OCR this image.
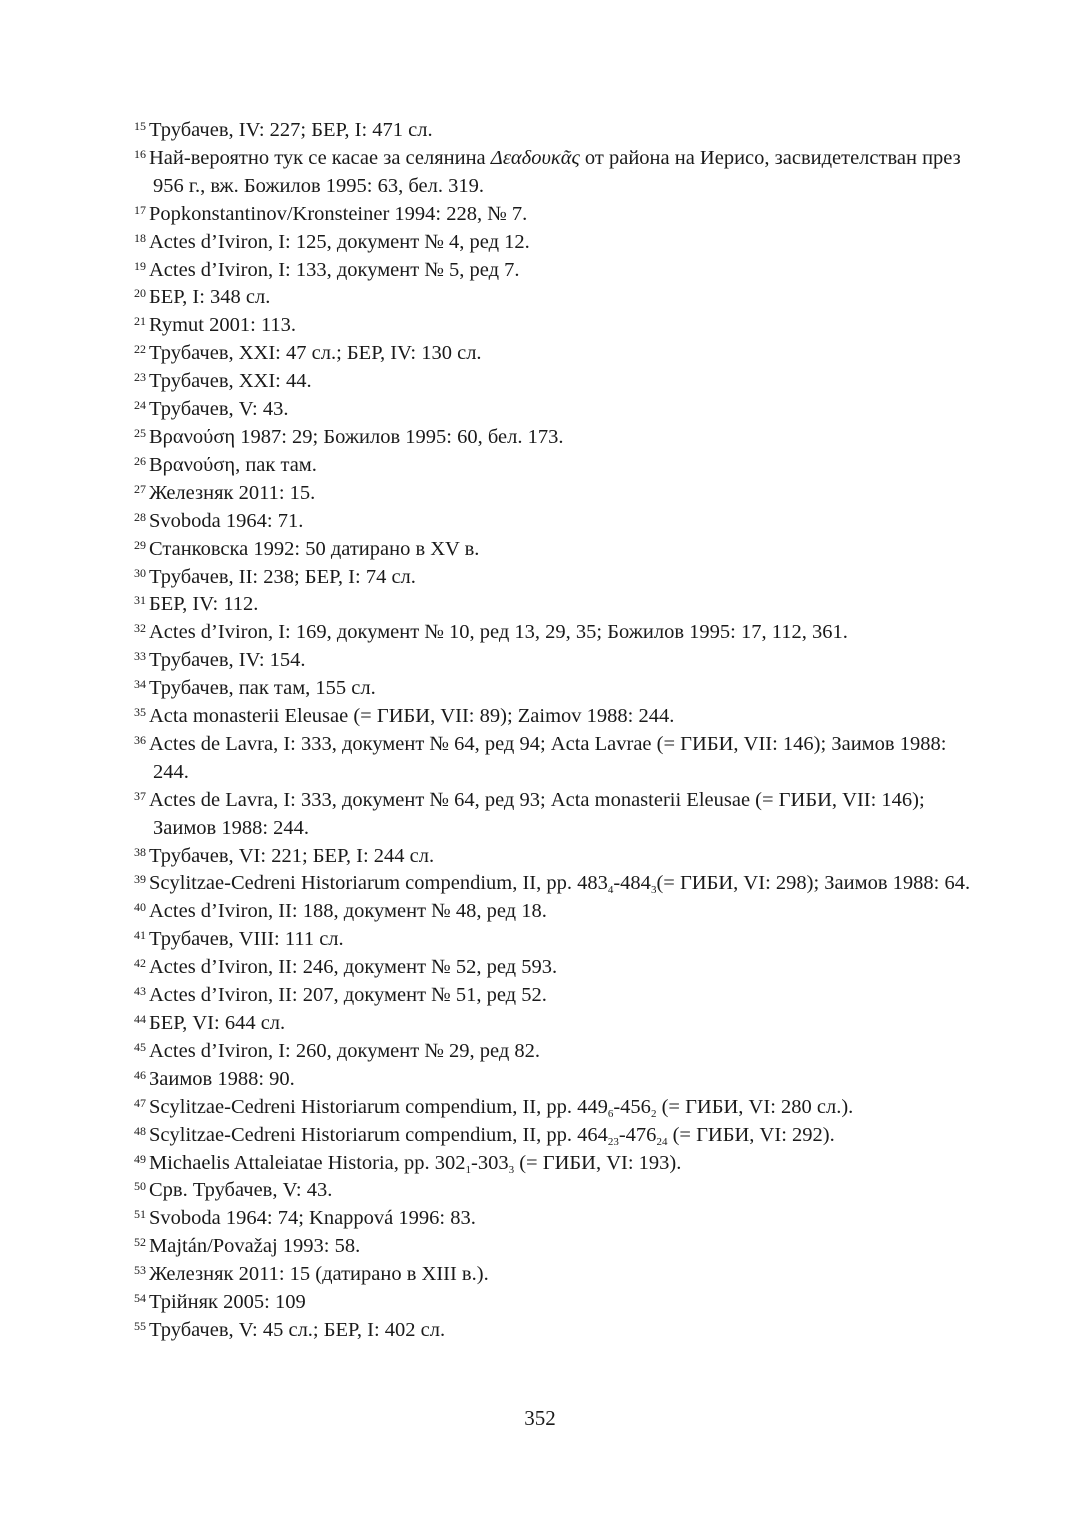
$^{15}$ Трубачев, IV: 227; БЕР, I: 471 сл.
$^{16}$ Най-вероятно тук се касае за селянина Δεαδουκᾶς от района на Иерисо, засвидетелстван през 956 г., вж. Божилов 1995: 63, бел. 319.
$^{17}$ Popkonstantinov/Kronsteiner 1994: 228, № 7.
$^{18}$ Actes d’Iviron, I: 125, документ № 4, ред 12.
$^{19}$ Actes d’Iviron, I: 133, документ № 5, ред 7.
$^{20}$ БЕР, I: 348 сл.
$^{21}$ Rymut 2001: 113.
$^{22}$ Трубачев, XXI: 47 сл.; БЕР, IV: 130 сл.
$^{23}$ Трубачев, XXI: 44.
$^{24}$ Трубачев, V: 43.
$^{25}$ Βρανούση 1987: 29; Божилов 1995: 60, бел. 173.
$^{26}$ Βρανούση, пак там.
$^{27}$ Железняк 2011: 15.
$^{28}$ Svoboda 1964: 71.
$^{29}$ Станковска 1992: 50 датирано в XV в.
$^{30}$ Трубачев, II: 238; БЕР, I: 74 сл.
$^{31}$ БЕР, IV: 112.
$^{32}$ Actes d’Iviron, I: 169, документ № 10, ред 13, 29, 35; Божилов 1995: 17, 112, 361.
$^{33}$ Трубачев, IV: 154.
$^{34}$ Трубачев, пак там, 155 сл.
$^{35}$ Acta monasterii Eleusae (= ГИБИ, VII: 89); Zaimov 1988: 244.
$^{36}$ Actes de Lavra, I: 333, документ № 64, ред 94; Acta Lavrae (= ГИБИ, VII: 146); Заимов 1988: 244.
$^{37}$ Actes de Lavra, I: 333, документ № 64, ред 93; Acta monasterii Eleusae (= ГИБИ, VII: 146); Заимов 1988: 244.
$^{38}$ Трубачев, VI: 221; БЕР, I: 244 сл.
$^{39}$ Scylitzae-Cedreni Historiarum compendium, II, pp. $483_4-484_3(=$ ГИБИ, VI: 298); Заимов 1988: 64.
$^{40}$ Actes d’Iviron, II: 188, документ № 48, ред 18.
$^{41}$ Трубачев, VIII: 111 сл.
$^{42}$ Actes d’Iviron, II: 246, документ № 52, ред 593.
$^{43}$ Actes d’Iviron, II: 207, документ № 51, ред 52.
$^{44}$ БЕР, VI: 644 сл.
$^{45}$ Actes d’Iviron, I: 260, документ № 29, ред 82.
$^{46}$ Заимов 1988: 90.
$^{47}$ Scylitzae-Cedreni Historiarum compendium, II, pp. $449_6-456_2$ (= ГИБИ, VI: 280 сл.).
$^{48}$ Scylitzae-Cedreni Historiarum compendium, II, pp. $464_{23}-476_{24}$ (= ГИБИ, VI: 292).
$^{49}$ Michaelis Attaleiatae Historia, pp. $302_1-303_3$ (= ГИБИ, VI: 193).
$^{50}$ Срв. Трубачев, V: 43.
$^{51}$ Svoboda 1964: 74; Knappová 1996: 83.
$^{52}$ Majtán/Považaj 1993: 58.
$^{53}$ Железняк 2011: 15 (датирано в XIII в.).
$^{54}$ Трійняк 2005: 109
$^{55}$ Трубачев, V: 45 сл.; БЕР, I: 402 сл.
352
